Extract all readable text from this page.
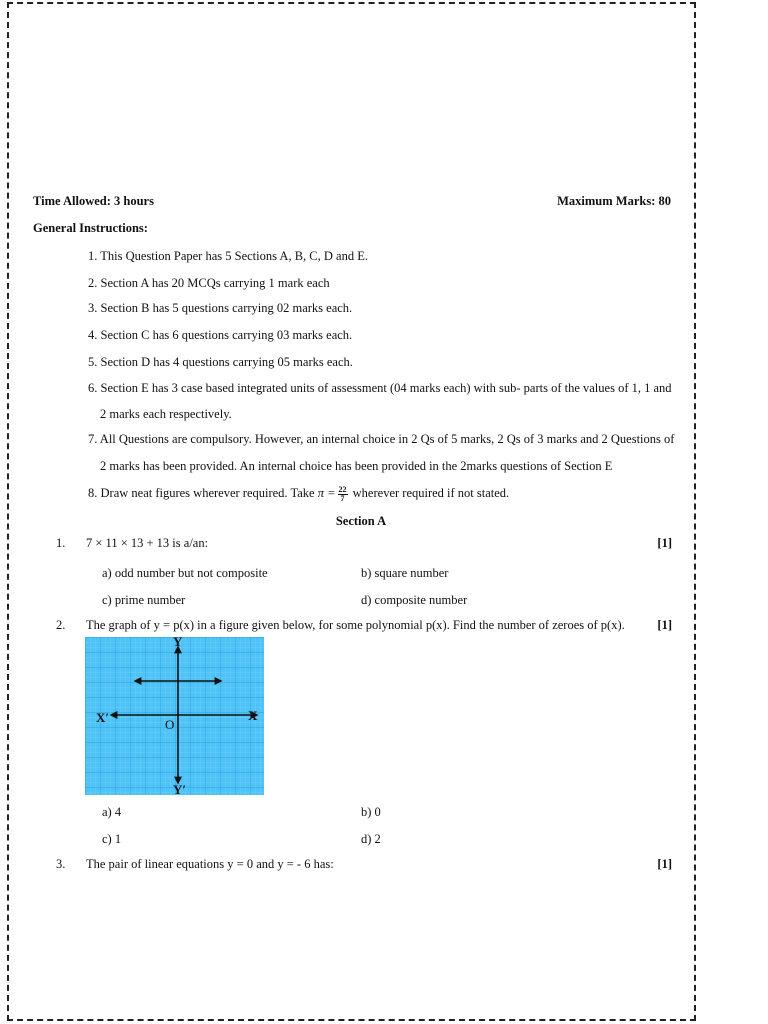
Time Allowed: 3 hours	Maximum Marks: 80
General Instructions:
1. This Question Paper has 5 Sections A, B, C, D and E.
2. Section A has 20 MCQs carrying 1 mark each
3. Section B has 5 questions carrying 02 marks each.
4. Section C has 6 questions carrying 03 marks each.
5. Section D has 4 questions carrying 05 marks each.
6. Section E has 3 case based integrated units of assessment (04 marks each) with sub- parts of the values of 1, 1 and
2 marks each respectively.
7. All Questions are compulsory. However, an internal choice in 2 Qs of 5 marks, 2 Qs of 3 marks and 2 Questions of
2 marks has been provided. An internal choice has been provided in the 2marks questions of Section E
8. Draw neat figures wherever required. Take $\pi = \frac{22}{7}$ wherever required if not stated.
Section A
1. 7 × 11 × 13 + 13 is a/an:	[1]
a) odd number but not composite	b) square number
c) prime number	d) composite number
2. The graph of y = p(x) in a figure given below, for some polynomial p(x). Find the number of zeroes of p(x).	[1]
Y
Y′
X
X′	O
a) 4	b) 0
c) 1	d) 2
3. The pair of linear equations y = 0 and y = - 6 has:	[1]
